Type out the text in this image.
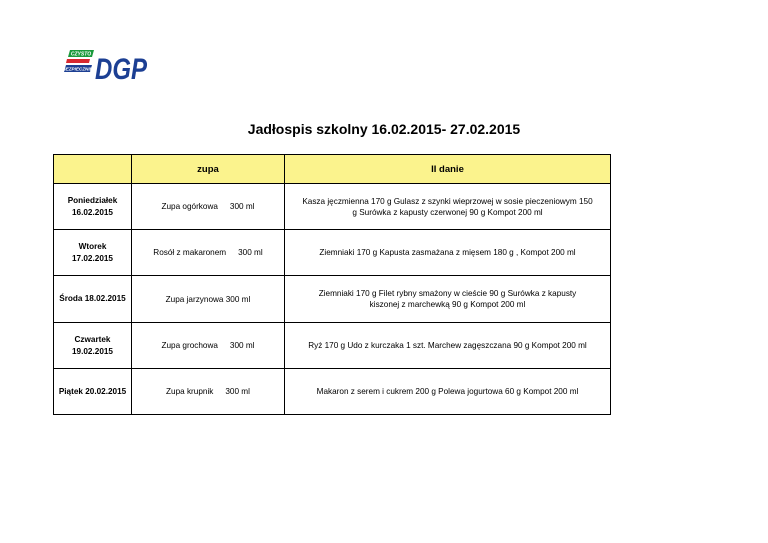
CZYSTO
BEZPIECZNIE DGP
Jadłospis szkolny 16.02.2015- 27.02.2015
	zupa	II danie
Poniedziałek
16.02.2015	Zupa ogórkowa 300 ml	Kasza jęczmienna 170 g Gulasz z szynki wieprzowej w sosie pieczeniowym 150
g Surówka z kapusty czerwonej 90 g Kompot 200 ml
Wtorek
17.02.2015	Rosół z makaronem 300 ml	Ziemniaki 170 g Kapusta zasmażana z mięsem 180 g , Kompot 200 ml
Środa 18.02.2015	Zupa jarzynowa 300 ml	Ziemniaki 170 g Filet rybny smażony w cieście 90 g Surówka z kapusty
kiszonej z marchewką 90 g Kompot 200 ml
Czwartek
19.02.2015	Zupa grochowa 300 ml	Ryż 170 g Udo z kurczaka 1 szt. Marchew zagęszczana 90 g Kompot 200 ml
Piątek 20.02.2015	Zupa krupnik 300 ml	Makaron z serem i cukrem 200 g Polewa jogurtowa 60 g Kompot 200 ml
